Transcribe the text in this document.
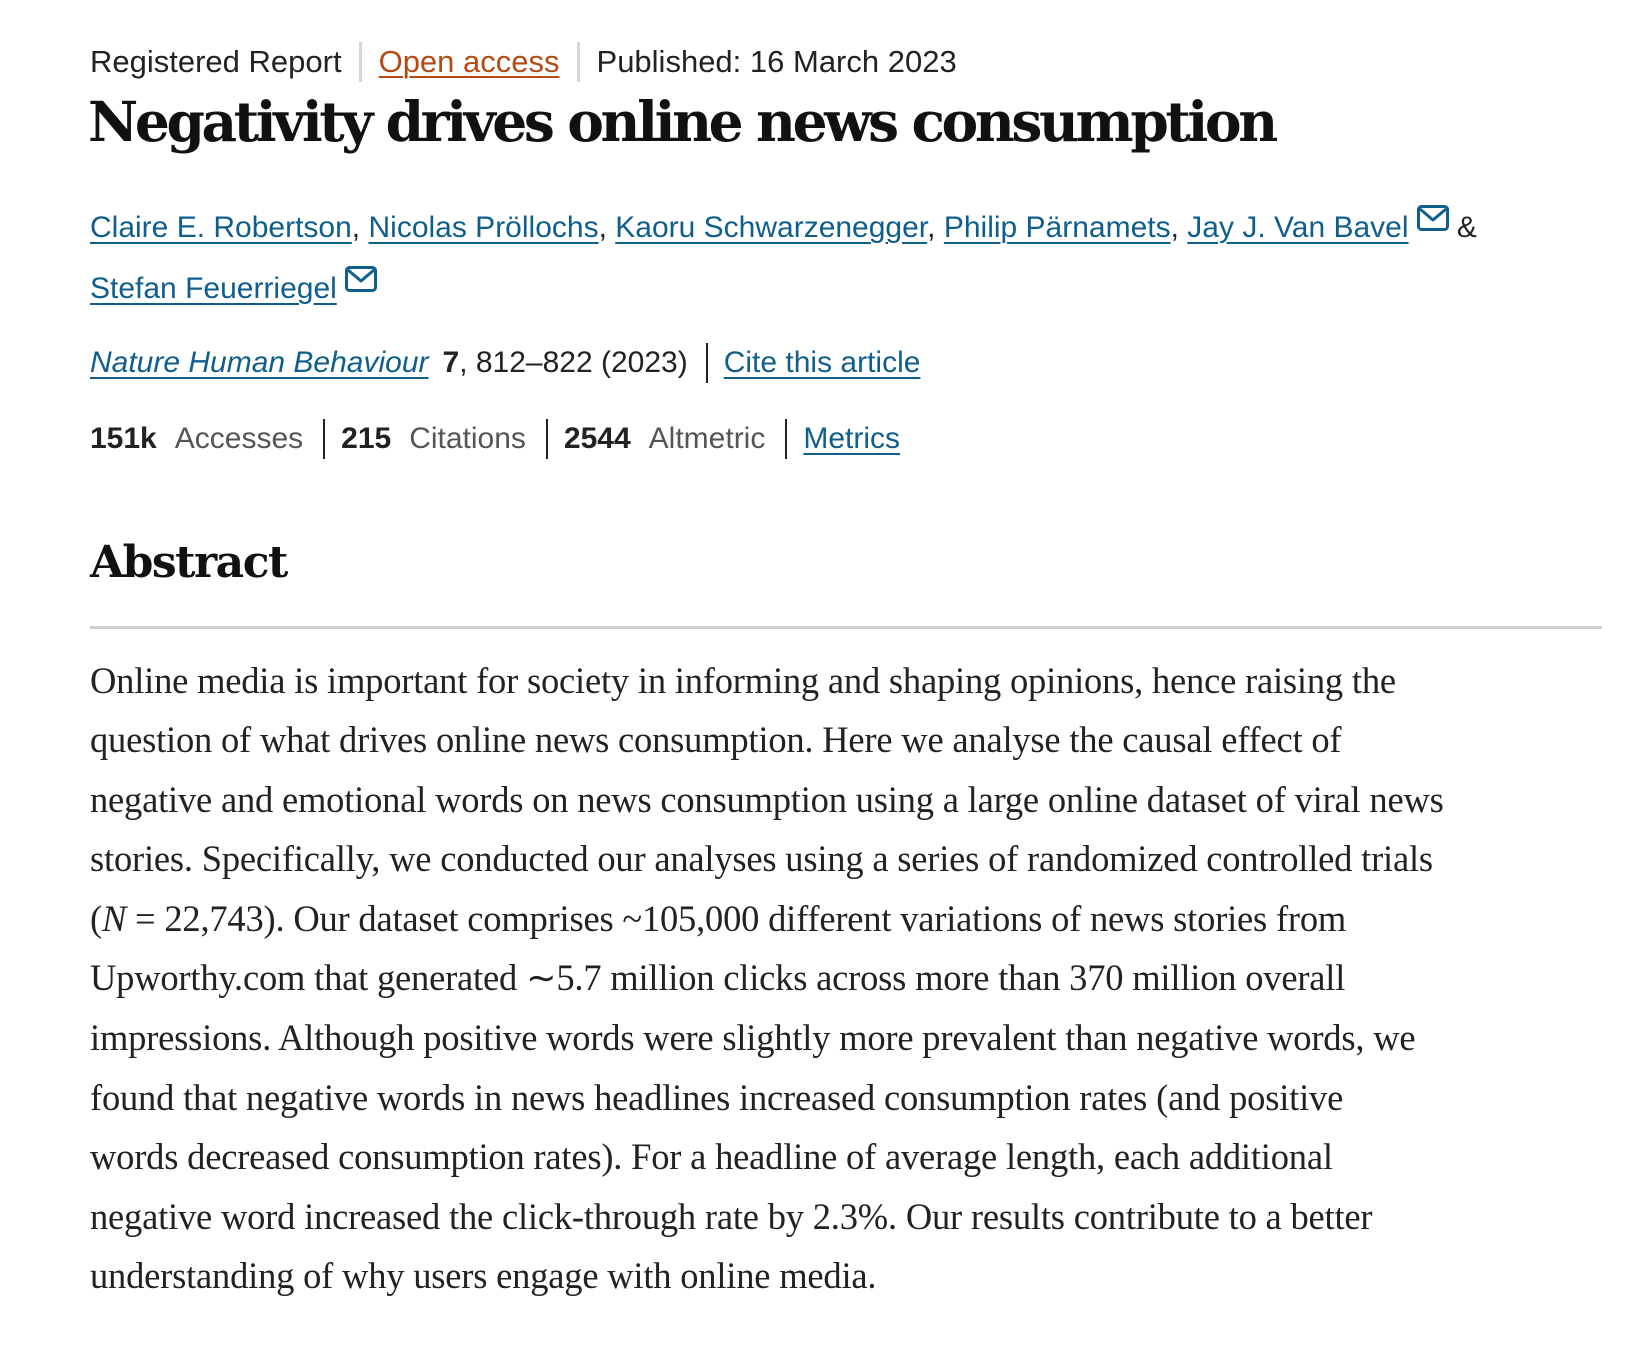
Registered Report Open access Published: 16 March 2023
Negativity drives online news consumption
Claire E. Robertson, Nicolas Pröllochs, Kaoru Schwarzenegger, Philip Pärnamets, Jay J. Van Bavel &
Stefan Feuerriegel
Nature Human Behaviour 7 , 812–822 (2023) Cite this article
151k Accesses 215 Citations 2544 Altmetric Metrics
Abstract
Online media is important for society in informing and shaping opinions, hence raising the
question of what drives online news consumption. Here we analyse the causal effect of
negative and emotional words on news consumption using a large online dataset of viral news
stories. Specifically, we conducted our analyses using a series of randomized controlled trials
(N = 22,743). Our dataset comprises ~105,000 different variations of news stories from
Upworthy.com that generated ∼5.7 million clicks across more than 370 million overall
impressions. Although positive words were slightly more prevalent than negative words, we
found that negative words in news headlines increased consumption rates (and positive
words decreased consumption rates). For a headline of average length, each additional
negative word increased the click-through rate by 2.3%. Our results contribute to a better
understanding of why users engage with online media.
